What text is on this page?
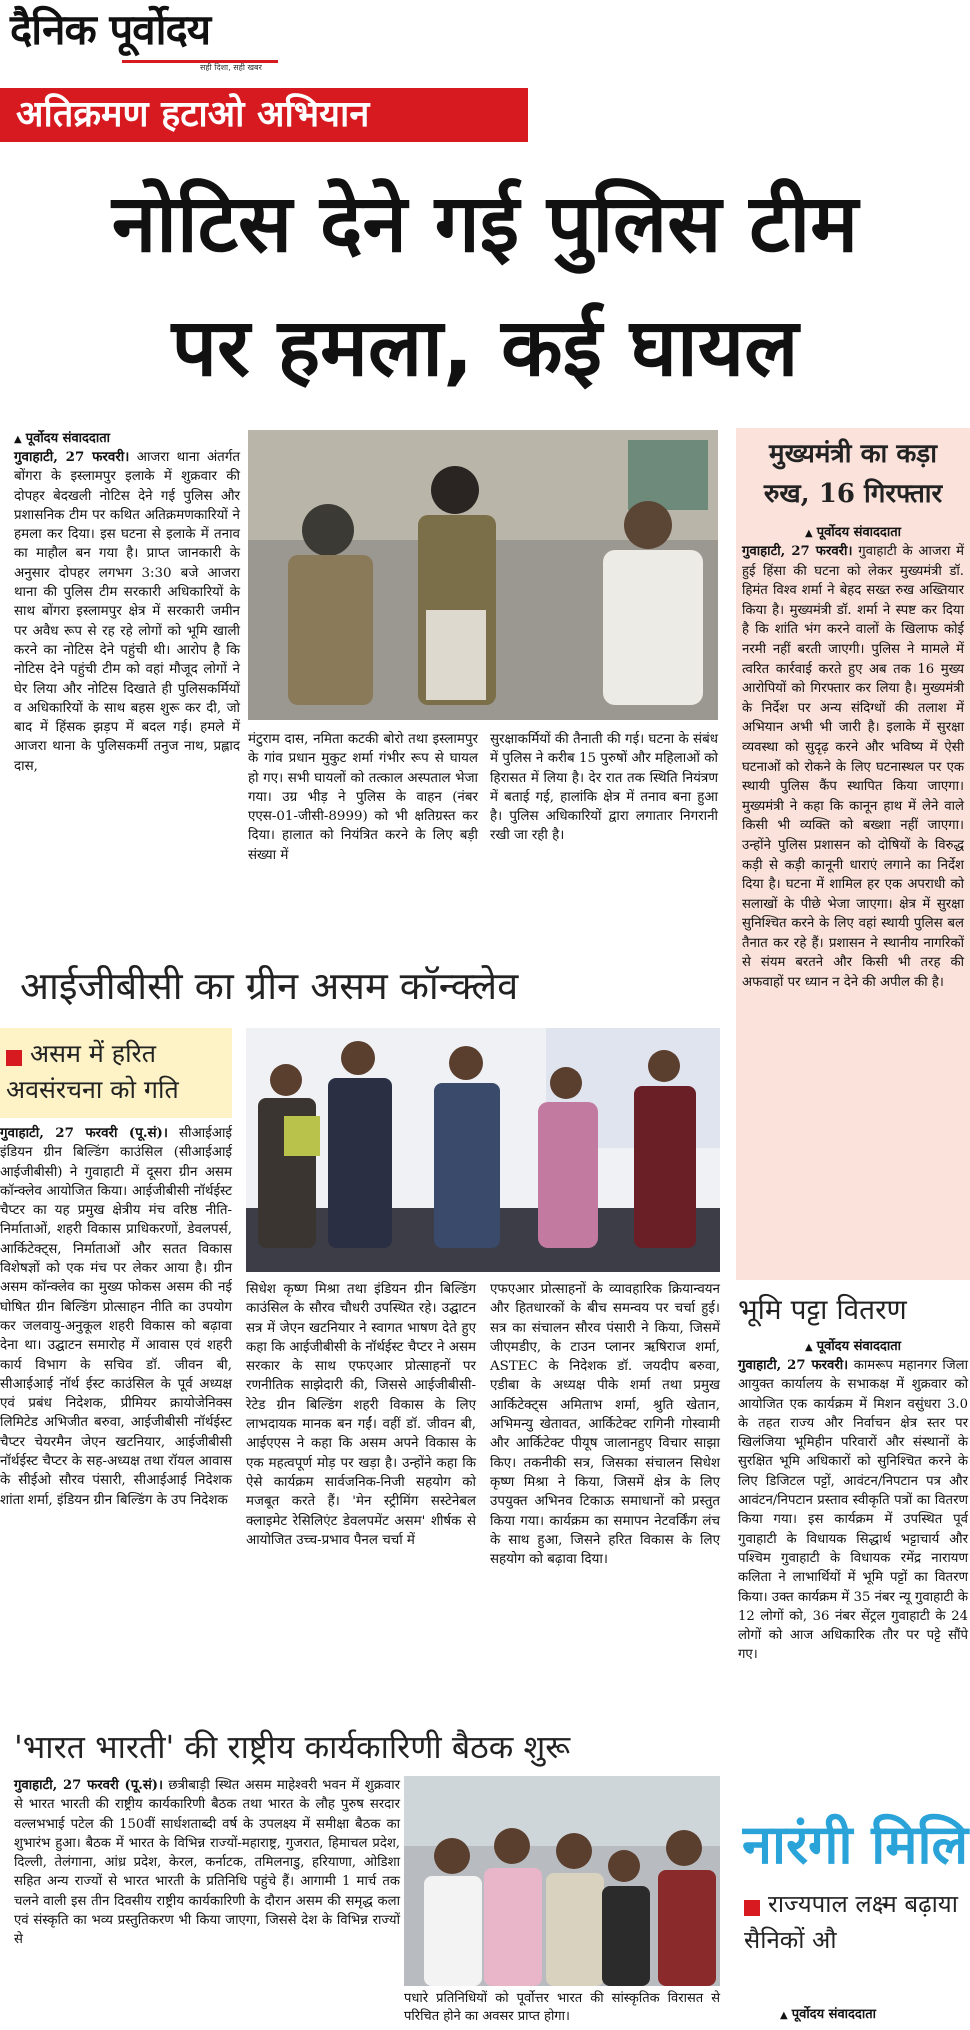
दैनिक पूर्वोदय
सही दिशा, सही खबर
अतिक्रमण हटाओ अभियान
नोटिस देने गई पुलिस टीम
पर हमला, कई घायल

▲ पूर्वोदय संवाददाता

गुवाहाटी, 27 फरवरी। आजरा थाना अंतर्गत बोंगरा के इस्लामपुर इलाके में शुक्रवार की दोपहर बेदखली नोटिस देने गई पुलिस और प्रशासनिक टीम पर कथित अतिक्रमणकारियों ने हमला कर दिया। इस घटना से इलाके में तनाव का माहौल बन गया है। प्राप्त जानकारी के अनुसार दोपहर लगभग 3:30 बजे आजरा थाना की पुलिस टीम सरकारी अधिकारियों के साथ बोंगरा इस्लामपुर क्षेत्र में सरकारी जमीन पर अवैध रूप से रह रहे लोगों को भूमि खाली करने का नोटिस देने पहुंची थी। आरोप है कि नोटिस देने पहुंची टीम को वहां मौजूद लोगों ने घेर लिया और नोटिस दिखाते ही पुलिसकर्मियों व अधिकारियों के साथ बहस शुरू कर दी, जो बाद में हिंसक झड़प में बदल गई। हमले में आजरा थाना के पुलिसकर्मी तनुज नाथ, प्रह्लाद दास,

मंटुराम दास, नमिता कटकी बोरो तथा इस्लामपुर के गांव प्रधान मुकुट शर्मा गंभीर रूप से घायल हो गए। सभी घायलों को तत्काल अस्पताल भेजा गया। उग्र भीड़ ने पुलिस के वाहन (नंबर एएस-01-जीसी-8999) को भी क्षतिग्रस्त कर दिया। हालात को नियंत्रित करने के लिए बड़ी संख्या में

सुरक्षाकर्मियों की तैनाती की गई। घटना के संबंध में पुलिस ने करीब 15 पुरुषों और महिलाओं को हिरासत में लिया है। देर रात तक स्थिति नियंत्रण में बताई गई, हालांकि क्षेत्र में तनाव बना हुआ है। पुलिस अधिकारियों द्वारा लगातार निगरानी रखी जा रही है।

मुख्यमंत्री का कड़ा रुख, 16 गिरफ्तार

▲ पूर्वोदय संवाददाता

गुवाहाटी, 27 फरवरी। गुवाहाटी के आजरा में हुई हिंसा की घटना को लेकर मुख्यमंत्री डॉ. हिमंत विश्व शर्मा ने बेहद सख्त रुख अख्तियार किया है। मुख्यमंत्री डॉ. शर्मा ने स्पष्ट कर दिया है कि शांति भंग करने वालों के खिलाफ कोई नरमी नहीं बरती जाएगी। पुलिस ने मामले में त्वरित कार्रवाई करते हुए अब तक 16 मुख्य आरोपियों को गिरफ्तार कर लिया है। मुख्यमंत्री के निर्देश पर अन्य संदिग्धों की तलाश में अभियान अभी भी जारी है। इलाके में सुरक्षा व्यवस्था को सुदृढ़ करने और भविष्य में ऐसी घटनाओं को रोकने के लिए घटनास्थल पर एक स्थायी पुलिस कैंप स्थापित किया जाएगा। मुख्यमंत्री ने कहा कि कानून हाथ में लेने वाले किसी भी व्यक्ति को बख्शा नहीं जाएगा। उन्होंने पुलिस प्रशासन को दोषियों के विरुद्ध कड़ी से कड़ी कानूनी धाराएं लगाने का निर्देश दिया है। घटना में शामिल हर एक अपराधी को सलाखों के पीछे भेजा जाएगा। क्षेत्र में सुरक्षा सुनिश्चित करने के लिए वहां स्थायी पुलिस बल तैनात कर रहे हैं। प्रशासन ने स्थानीय नागरिकों से संयम बरतने और किसी भी तरह की अफवाहों पर ध्यान न देने की अपील की है।

आईजीबीसी का ग्रीन असम कॉन्क्लेव
असम में हरित अवसंरचना को गति

गुवाहाटी, 27 फरवरी (पू.सं)। सीआईआई इंडियन ग्रीन बिल्डिंग काउंसिल (सीआईआई आईजीबीसी) ने गुवाहाटी में दूसरा ग्रीन असम कॉन्क्लेव आयोजित किया। आईजीबीसी नॉर्थईस्ट चैप्टर का यह प्रमुख क्षेत्रीय मंच वरिष्ठ नीति-निर्माताओं, शहरी विकास प्राधिकरणों, डेवलपर्स, आर्किटेक्ट्स, निर्माताओं और सतत विकास विशेषज्ञों को एक मंच पर लेकर आया है। ग्रीन असम कॉन्क्लेव का मुख्य फोकस असम की नई घोषित ग्रीन बिल्डिंग प्रोत्साहन नीति का उपयोग कर जलवायु-अनुकूल शहरी विकास को बढ़ावा देना था। उद्घाटन समारोह में आवास एवं शहरी कार्य विभाग के सचिव डॉ. जीवन बी, सीआईआई नॉर्थ ईस्ट काउंसिल के पूर्व अध्यक्ष एवं प्रबंध निदेशक, प्रीमियर क्रायोजेनिक्स लिमिटेड अभिजीत बरुवा, आईजीबीसी नॉर्थईस्ट चैप्टर चेयरमैन जेएन खटनियार, आईजीबीसी नॉर्थईस्ट चैप्टर के सह-अध्यक्ष तथा रॉयल आवास के सीईओ सौरव पंसारी, सीआईआई निदेशक शांता शर्मा, इंडियन ग्रीन बिल्डिंग के उप निदेशक

सिधेश कृष्ण मिश्रा तथा इंडियन ग्रीन बिल्डिंग काउंसिल के सौरव चौधरी उपस्थित रहे। उद्घाटन सत्र में जेएन खटनियार ने स्वागत भाषण देते हुए कहा कि आईजीबीसी के नॉर्थईस्ट चैप्टर ने असम सरकार के साथ एफएआर प्रोत्साहनों पर रणनीतिक साझेदारी की, जिससे आईजीबीसी-रेटेड ग्रीन बिल्डिंग शहरी विकास के लिए लाभदायक मानक बन गईं। वहीं डॉ. जीवन बी, आईएएस ने कहा कि असम अपने विकास के एक महत्वपूर्ण मोड़ पर खड़ा है। उन्होंने कहा कि ऐसे कार्यक्रम सार्वजनिक-निजी सहयोग को मजबूत करते हैं। 'मेन स्ट्रीमिंग सस्टेनेबल क्लाइमेट रेसिलिएंट डेवलपमेंट असम' शीर्षक से आयोजित उच्च-प्रभाव पैनल चर्चा में

एफएआर प्रोत्साहनों के व्यावहारिक क्रियान्वयन और हितधारकों के बीच समन्वय पर चर्चा हुई। सत्र का संचालन सौरव पंसारी ने किया, जिसमें जीएमडीए, के टाउन प्लानर ऋषिराज शर्मा, ASTEC के निदेशक डॉ. जयदीप बरुवा, एडीबा के अध्यक्ष पीके शर्मा तथा प्रमुख आर्किटेक्ट्स अमिताभ शर्मा, श्रुति खेतान, अभिमन्यु खेतावत, आर्किटेक्ट रागिनी गोस्वामी और आर्किटेक्ट पीयूष जालानहुए विचार साझा किए। तकनीकी सत्र, जिसका संचालन सिधेश कृष्ण मिश्रा ने किया, जिसमें क्षेत्र के लिए उपयुक्त अभिनव टिकाऊ समाधानों को प्रस्तुत किया गया। कार्यक्रम का समापन नेटवर्किंग लंच के साथ हुआ, जिसने हरित विकास के लिए सहयोग को बढ़ावा दिया।

भूमि पट्टा वितरण

▲ पूर्वोदय संवाददाता

गुवाहाटी, 27 फरवरी। कामरूप महानगर जिला आयुक्त कार्यालय के सभाकक्ष में शुक्रवार को आयोजित एक कार्यक्रम में मिशन वसुंधरा 3.0 के तहत राज्य और निर्वाचन क्षेत्र स्तर पर खिलंजिया भूमिहीन परिवारों और संस्थानों के सुरक्षित भूमि अधिकारों को सुनिश्चित करने के लिए डिजिटल पट्टों, आवंटन/निपटान पत्र और आवंटन/निपटान प्रस्ताव स्वीकृति पत्रों का वितरण किया गया। इस कार्यक्रम में उपस्थित पूर्व गुवाहाटी के विधायक सिद्धार्थ भट्टाचार्य और पश्चिम गुवाहाटी के विधायक रमेंद्र नारायण कलिता ने लाभार्थियों में भूमि पट्टों का वितरण किया। उक्त कार्यक्रम में 35 नंबर न्यू गुवाहाटी के 12 लोगों को, 36 नंबर सेंट्रल गुवाहाटी के 24 लोगों को आज अधिकारिक तौर पर पट्टे सौंपे गए।

'भारत भारती' की राष्ट्रीय कार्यकारिणी बैठक शुरू

गुवाहाटी, 27 फरवरी (पू.सं)। छत्रीबाड़ी स्थित असम माहेश्वरी भवन में शुक्रवार से भारत भारती की राष्ट्रीय कार्यकारिणी बैठक तथा भारत के लौह पुरुष सरदार वल्लभभाई पटेल की 150वीं सार्धशताब्दी वर्ष के उपलक्ष्य में समीक्षा बैठक का शुभारंभ हुआ। बैठक में भारत के विभिन्न राज्यों-महाराष्ट्र, गुजरात, हिमाचल प्रदेश, दिल्ली, तेलंगाना, आंध्र प्रदेश, केरल, कर्नाटक, तमिलनाडु, हरियाणा, ओडिशा सहित अन्य राज्यों से भारत भारती के प्रतिनिधि पहुंचे हैं। आगामी 1 मार्च तक चलने वाली इस तीन दिवसीय राष्ट्रीय कार्यकारिणी के दौरान असम की समृद्ध कला एवं संस्कृति का भव्य प्रस्तुतिकरण भी किया जाएगा, जिससे देश के विभिन्न राज्यों से

पधारे प्रतिनिधियों को पूर्वोत्तर भारत की सांस्कृतिक विरासत से परिचित होने का अवसर प्राप्त होगा।

नारंगी मिलि
राज्यपाल लक्ष्म बढ़ाया सैनिकों औ

▲ पूर्वोदय संवाददाता
